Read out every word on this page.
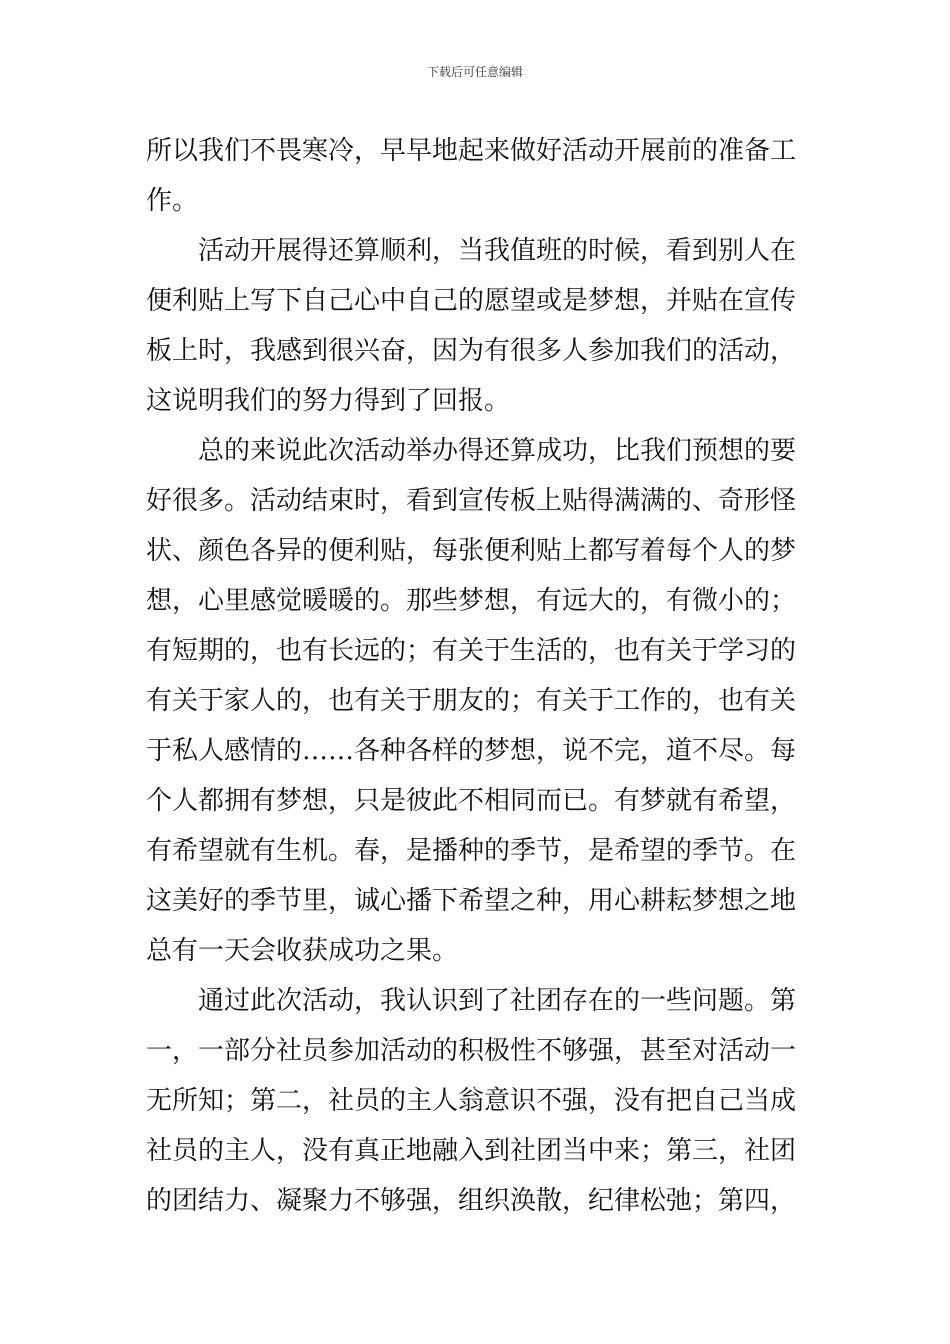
下载后可任意编辑
所以我们不畏寒冷，早早地起来做好活动开展前的准备工
作。
活动开展得还算顺利，当我值班的时候，看到别人在
便利贴上写下自己心中自己的愿望或是梦想，并贴在宣传
板上时，我感到很兴奋，因为有很多人参加我们的活动，
这说明我们的努力得到了回报。
总的来说此次活动举办得还算成功，比我们预想的要
好很多。活动结束时，看到宣传板上贴得满满的、奇形怪
状、颜色各异的便利贴，每张便利贴上都写着每个人的梦
想，心里感觉暖暖的。那些梦想，有远大的，有微小的；
有短期的，也有长远的；有关于生活的，也有关于学习的
有关于家人的，也有关于朋友的；有关于工作的，也有关
于私人感情的……各种各样的梦想，说不完，道不尽。每
个人都拥有梦想，只是彼此不相同而已。有梦就有希望，
有希望就有生机。春，是播种的季节，是希望的季节。在
这美好的季节里，诚心播下希望之种，用心耕耘梦想之地
总有一天会收获成功之果。
通过此次活动，我认识到了社团存在的一些问题。第
一，一部分社员参加活动的积极性不够强，甚至对活动一
无所知；第二，社员的主人翁意识不强，没有把自己当成
社员的主人，没有真正地融入到社团当中来；第三，社团
的团结力、凝聚力不够强，组织涣散，纪律松弛；第四，
